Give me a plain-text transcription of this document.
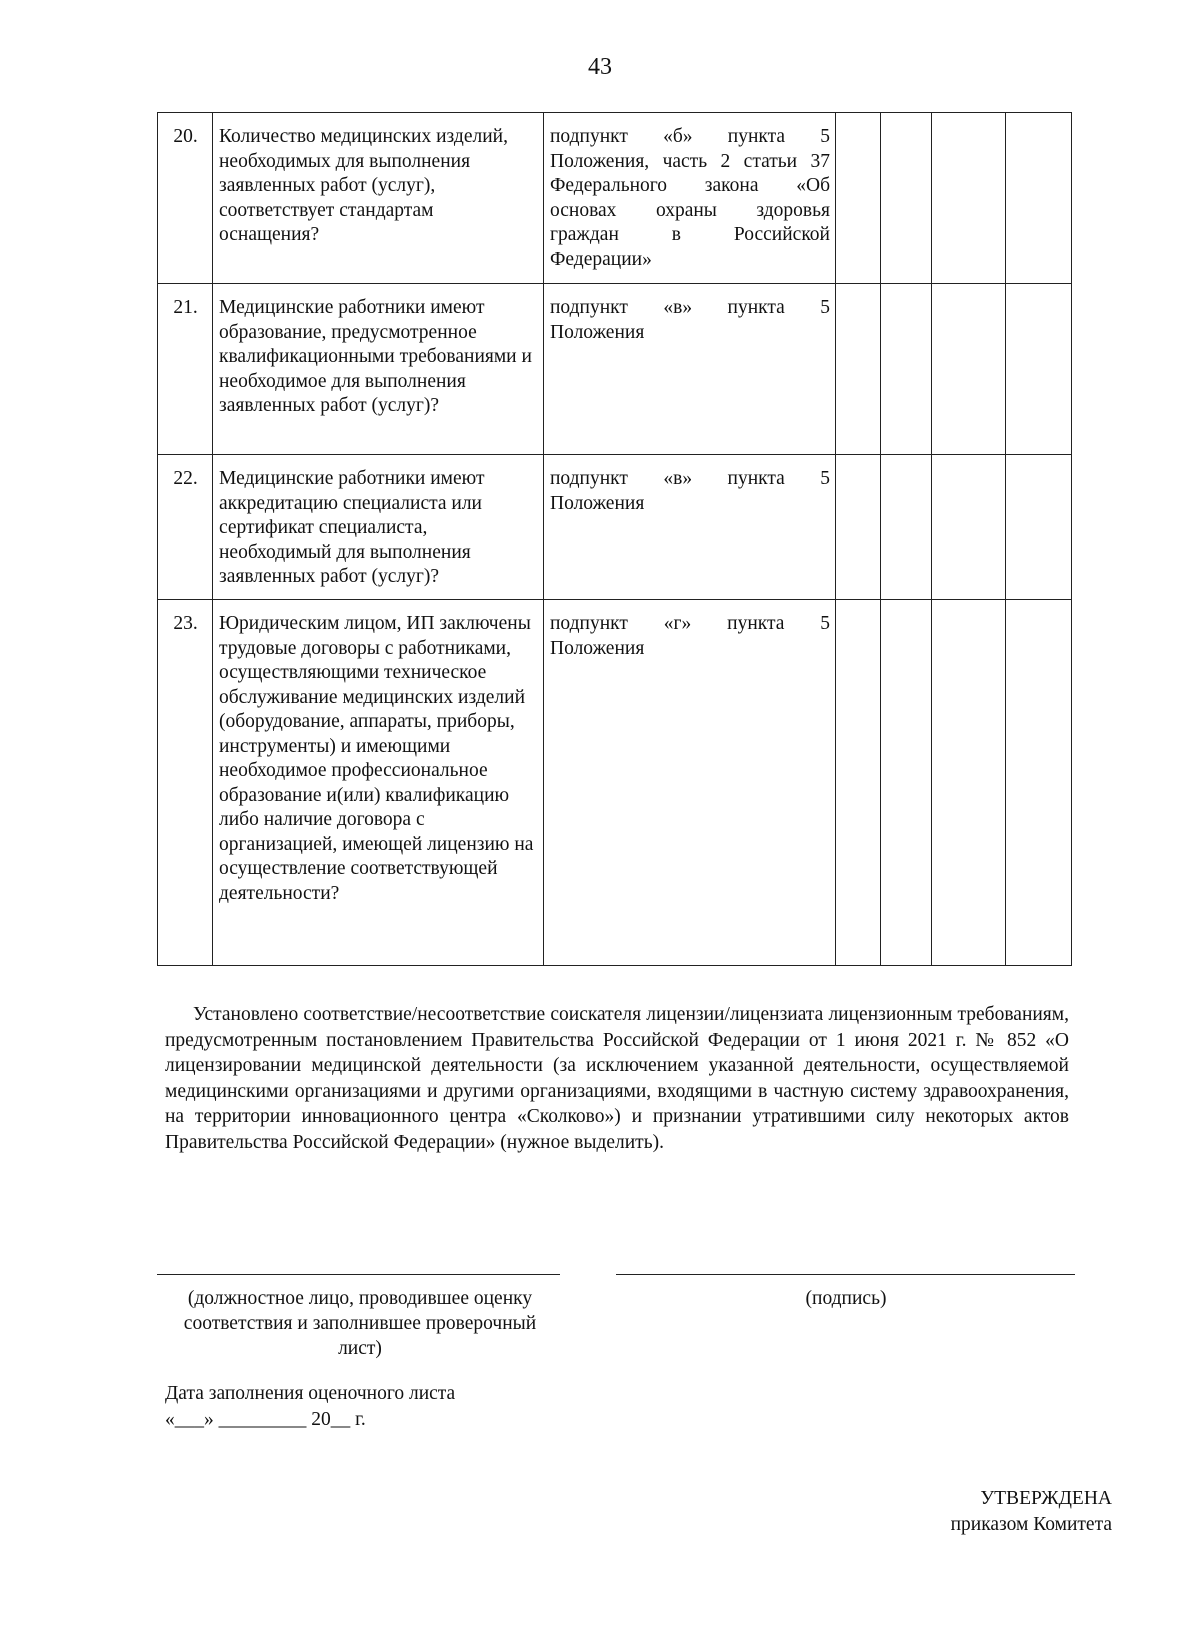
43
20.	Количество медицинских изделий, необходимых для выполнения заявленных работ (услуг), соответствует стандартам оснащения?	подпункт «б» пункта 5 Положения, часть 2 статьи 37 Федерального закона «Об основах охраны здоровья граждан в Российской
Федерации»				

21.	Медицинские работники имеют образование, предусмотренное квалификационными требованиями и необходимое для выполнения заявленных работ (услуг)?	подпункт «в» пункта 5
Положения				

22.	Медицинские работники имеют аккредитацию специалиста или сертификат специалиста, необходимый для выполнения заявленных работ (услуг)?	подпункт «в» пункта 5
Положения				

23.	Юридическим лицом, ИП заключены трудовые договоры с работниками, осуществляющими техническое обслуживание медицинских изделий (оборудование, аппараты, приборы, инструменты) и имеющими необходимое профессиональное образование и(или) квалификацию либо наличие договора с организацией, имеющей лицензию на осуществление соответствующей деятельности?	подпункт «г» пункта 5
Положения				

Установлено соответствие/несоответствие соискателя лицензии/лицензиата лицензионным требованиям, предусмотренным постановлением Правительства Российской Федерации от 1 июня 2021 г. № 852 «О лицензировании медицинской деятельности (за исключением указанной деятельности, осуществляемой медицинскими организациями и другими организациями, входящими в частную систему здравоохранения, на территории инновационного центра «Сколково») и признании утратившими силу некоторых актов Правительства Российской Федерации» (нужное выделить).
(должностное лицо, проводившее оценку соответствия и заполнившее проверочный лист)
(подпись)
Дата заполнения оценочного листа
«___» _________ 20__ г.
УТВЕРЖДЕНА
приказом Комитета
